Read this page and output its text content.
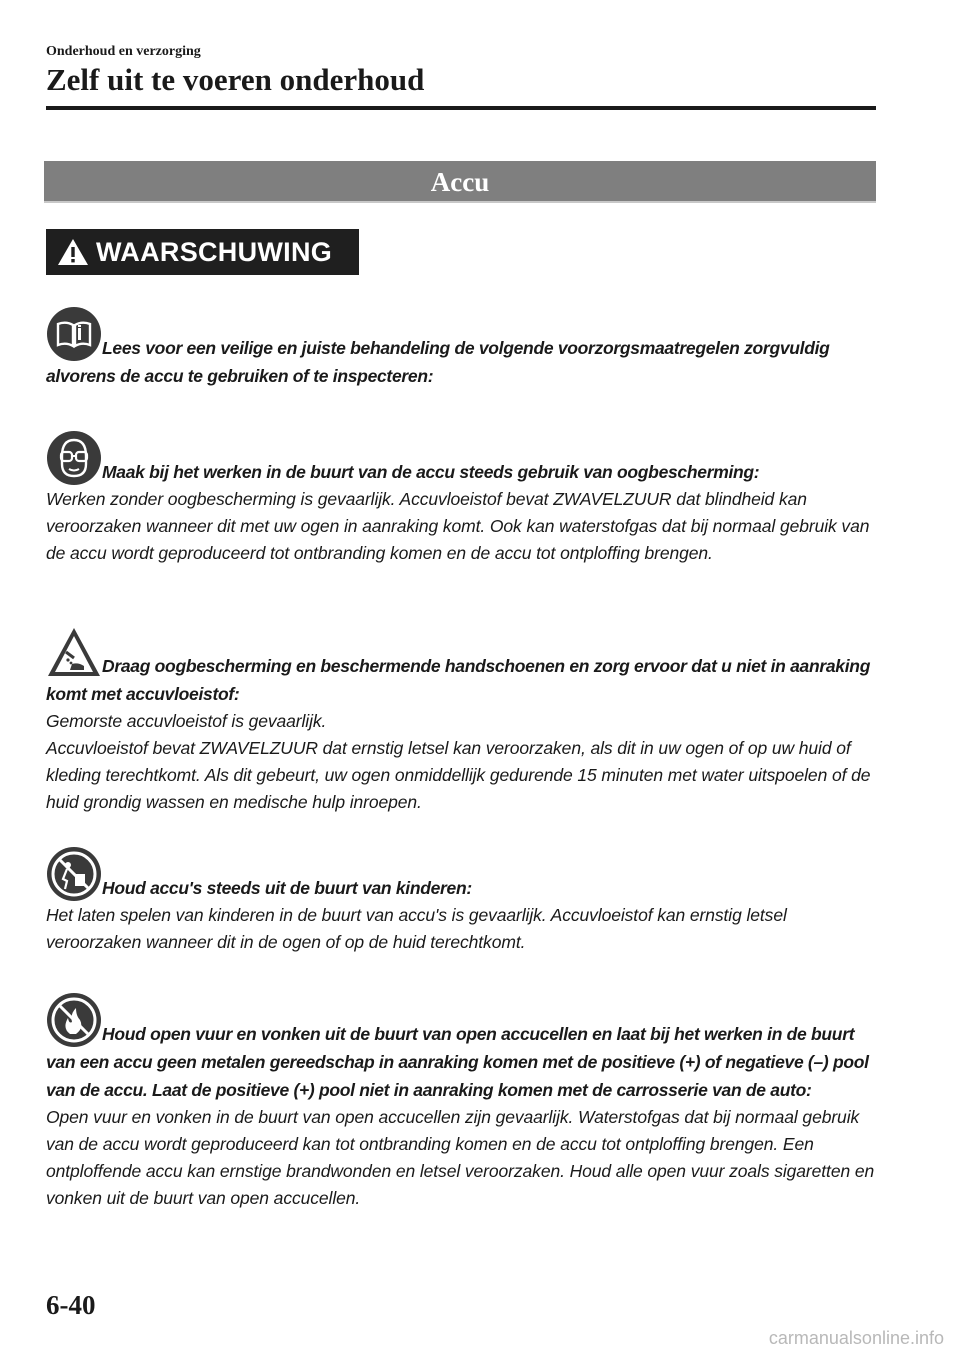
Onderhoud en verzorging
Zelf uit te voeren onderhoud
Accu
WAARSCHUWING

Lees voor een veilige en juiste behandeling de volgende voorzorgsmaatregelen zorgvuldig alvorens de accu te gebruiken of te inspecteren:

Maak bij het werken in de buurt van de accu steeds gebruik van oogbescherming:

Werken zonder oogbescherming is gevaarlijk. Accuvloeistof bevat ZWAVELZUUR dat blindheid kan veroorzaken wanneer dit met uw ogen in aanraking komt. Ook kan waterstofgas dat bij normaal gebruik van de accu wordt geproduceerd tot ontbranding komen en de accu tot ontploffing brengen.

Draag oogbescherming en beschermende handschoenen en zorg ervoor dat u niet in aanraking komt met accuvloeistof:

Gemorste accuvloeistof is gevaarlijk.
Accuvloeistof bevat ZWAVELZUUR dat ernstig letsel kan veroorzaken, als dit in uw ogen of op uw huid of kleding terechtkomt. Als dit gebeurt, uw ogen onmiddellijk gedurende 15 minuten met water uitspoelen of de huid grondig wassen en medische hulp inroepen.

Houd accu's steeds uit de buurt van kinderen:

Het laten spelen van kinderen in de buurt van accu's is gevaarlijk. Accuvloeistof kan ernstig letsel veroorzaken wanneer dit in de ogen of op de huid terechtkomt.

Houd open vuur en vonken uit de buurt van open accucellen en laat bij het werken in de buurt van een accu geen metalen gereedschap in aanraking komen met de positieve (+) of negatieve (–) pool van de accu. Laat de positieve (+) pool niet in aanraking komen met de carrosserie van de auto:

Open vuur en vonken in de buurt van open accucellen zijn gevaarlijk. Waterstofgas dat bij normaal gebruik van de accu wordt geproduceerd kan tot ontbranding komen en de accu tot ontploffing brengen. Een ontploffende accu kan ernstige brandwonden en letsel veroorzaken. Houd alle open vuur zoals sigaretten en vonken uit de buurt van open accucellen.

6-40
carmanualsonline.info
